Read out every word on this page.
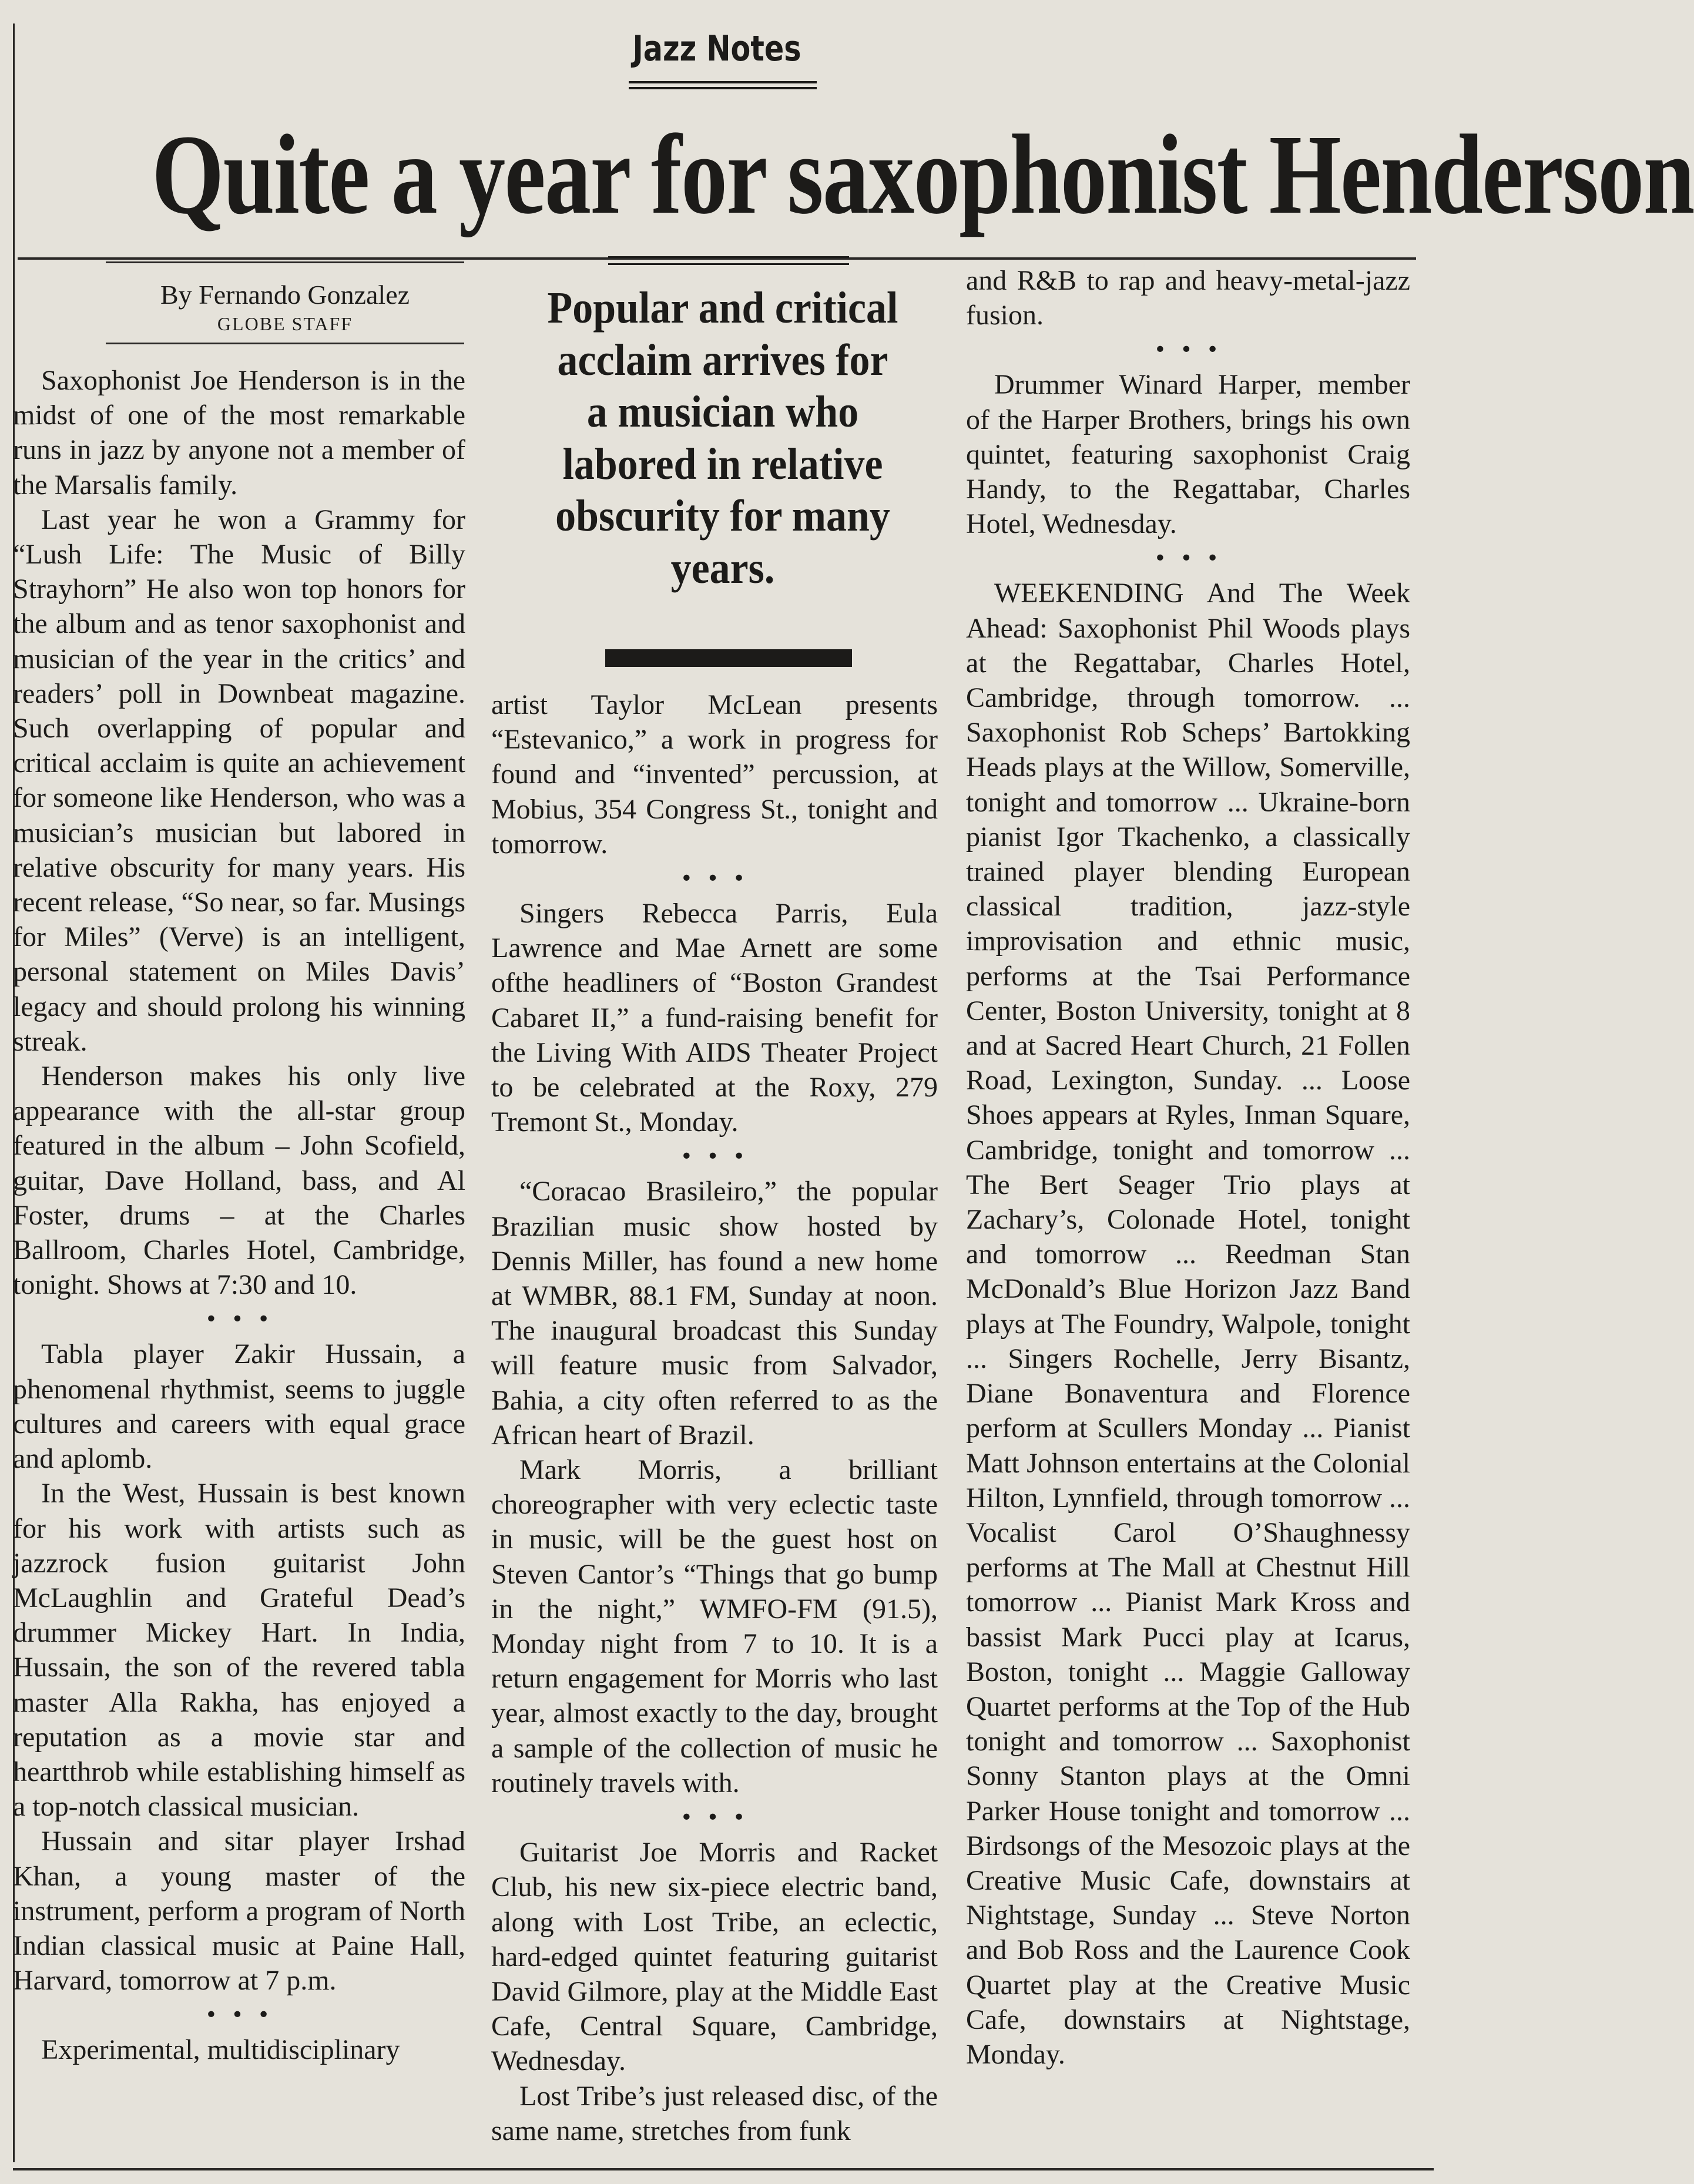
Jazz Notes
Quite a year for saxophonist Henderson
By Fernando Gonzalez
GLOBE STAFF	Popular and critical acclaim arrives for a musician who labored in relative obscurity for many years.

Saxophonist Joe Henderson is in the midst of one of the most remarkable runs in jazz by anyone not a member of the Marsalis family.

Last year he won a Grammy for “Lush Life: The Music of Billy Strayhorn” He also won top honors for the album and as tenor saxophonist and musician of the year in the critics’ and readers’ poll in Downbeat magazine. Such overlapping of popular and critical acclaim is quite an achievement for someone like Henderson, who was a musician’s musician but labored in relative obscurity for many years. His recent release, “So near, so far. Musings for Miles” (Verve) is an intelligent, personal statement on Miles Davis’ legacy and should prolong his winning streak.

Henderson makes his only live appearance with the all-star group featured in the album – John Scofield, guitar, Dave Holland, bass, and Al Foster, drums – at the Charles Ballroom, Charles Hotel, Cambridge, tonight. Shows at 7:30 and 10.

• • •

Tabla player Zakir Hussain, a phenomenal rhythmist, seems to juggle cultures and careers with equal grace and aplomb.

In the West, Hussain is best known for his work with artists such as jazzrock fusion guitarist John McLaughlin and Grateful Dead’s drummer Mickey Hart. In India, Hussain, the son of the revered tabla master Alla Rakha, has enjoyed a reputation as a movie star and heartthrob while establishing himself as a top-notch classical musician.

Hussain and sitar player Irshad Khan, a young master of the instrument, perform a program of North Indian classical music at Paine Hall, Harvard, tomorrow at 7 p.m.

• • •

Experimental, multidisciplinary

artist Taylor McLean presents “Estevanico,” a work in progress for found and “invented” percussion, at Mobius, 354 Congress St., tonight and tomorrow.

• • •

Singers Rebecca Parris, Eula Lawrence and Mae Arnett are some ofthe headliners of “Boston Grandest Cabaret II,” a fund-raising benefit for the Living With AIDS Theater Project to be celebrated at the Roxy, 279 Tremont St., Monday.

• • •

“Coracao Brasileiro,” the popular Brazilian music show hosted by Dennis Miller, has found a new home at WMBR, 88.1 FM, Sunday at noon. The inaugural broadcast this Sunday will feature music from Salvador, Bahia, a city often referred to as the African heart of Brazil.

Mark Morris, a brilliant choreographer with very eclectic taste in music, will be the guest host on Steven Cantor’s “Things that go bump in the night,” WMFO-FM (91.5), Monday night from 7 to 10. It is a return engagement for Morris who last year, almost exactly to the day, brought a sample of the collection of music he routinely travels with.

• • •

Guitarist Joe Morris and Racket Club, his new six-piece electric band, along with Lost Tribe, an eclectic, hard-edged quintet featuring guitarist David Gilmore, play at the Middle East Cafe, Central Square, Cambridge, Wednesday.

Lost Tribe’s just released disc, of the same name, stretches from funk

and R&B to rap and heavy-metal-jazz fusion.

• • •

Drummer Winard Harper, member of the Harper Brothers, brings his own quintet, featuring saxophonist Craig Handy, to the Regattabar, Charles Hotel, Wednesday.

• • •

WEEKENDING And The Week Ahead: Saxophonist Phil Woods plays at the Regattabar, Charles Hotel, Cambridge, through tomorrow. ... Saxophonist Rob Scheps’ Bartokking Heads plays at the Willow, Somerville, tonight and tomorrow ... Ukraine-born pianist Igor Tkachenko, a classically trained player blending European classical tradition, jazz-style improvisation and ethnic music, performs at the Tsai Performance Center, Boston University, tonight at 8 and at Sacred Heart Church, 21 Follen Road, Lexington, Sunday. ... Loose Shoes appears at Ryles, Inman Square, Cambridge, tonight and tomorrow ... The Bert Seager Trio plays at Zachary’s, Colonade Hotel, tonight and tomorrow ... Reedman Stan McDonald’s Blue Horizon Jazz Band plays at The Foundry, Walpole, tonight ... Singers Rochelle, Jerry Bisantz, Diane Bonaventura and Florence perform at Scullers Monday ... Pianist Matt Johnson entertains at the Colonial Hilton, Lynnfield, through tomorrow ... Vocalist Carol O’Shaughnessy performs at The Mall at Chestnut Hill tomorrow ... Pianist Mark Kross and bassist Mark Pucci play at Icarus, Boston, tonight ... Maggie Galloway Quartet performs at the Top of the Hub tonight and tomorrow ... Saxophonist Sonny Stanton plays at the Omni Parker House tonight and tomorrow ... Birdsongs of the Mesozoic plays at the Creative Music Cafe, downstairs at Nightstage, Sunday ... Steve Norton and Bob Ross and the Laurence Cook Quartet play at the Creative Music Cafe, downstairs at Nightstage, Monday.
